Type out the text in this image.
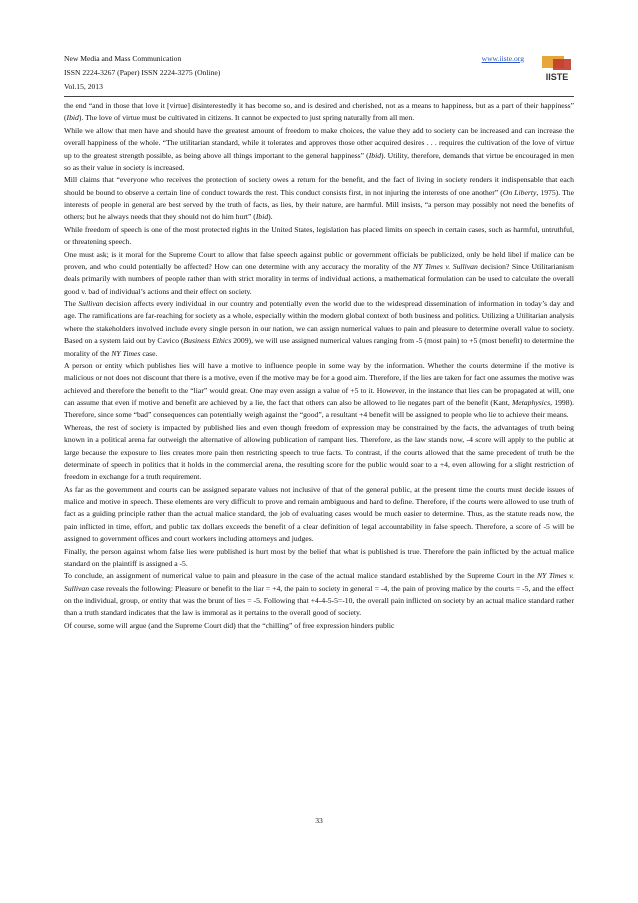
New Media and Mass Communication
ISSN 2224-3267 (Paper) ISSN 2224-3275 (Online)
Vol.15, 2013
www.iiste.org
IISTE

the end “and in those that love it [virtue] disinterestedly it has become so, and is desired and cherished, not as a means to happiness, but as a part of their happiness” (Ibid). The love of virtue must be cultivated in citizens. It cannot be expected to just spring naturally from all men.

While we allow that men have and should have the greatest amount of freedom to make choices, the value they add to society can be increased and can increase the overall happiness of the whole. “The utilitarian standard, while it tolerates and approves those other acquired desires . . . requires the cultivation of the love of virtue up to the greatest strength possible, as being above all things important to the general happiness” (Ibid). Utility, therefore, demands that virtue be encouraged in men so as their value in society is increased.

Mill claims that “everyone who receives the protection of society owes a return for the benefit, and the fact of living in society renders it indispensable that each should be bound to observe a certain line of conduct towards the rest. This conduct consists first, in not injuring the interests of one another” (On Liberty, 1975). The interests of people in general are best served by the truth of facts, as lies, by their nature, are harmful. Mill insists, “a person may possibly not need the benefits of others; but he always needs that they should not do him hurt” (Ibid).

While freedom of speech is one of the most protected rights in the United States, legislation has placed limits on speech in certain cases, such as harmful, untruthful, or threatening speech.

One must ask; is it moral for the Supreme Court to allow that false speech against public or government officials be publicized, only be held libel if malice can be proven, and who could potentially be affected? How can one determine with any accuracy the morality of the NY Times v. Sullivan decision? Since Utilitarianism deals primarily with numbers of people rather than with strict morality in terms of individual actions, a mathematical formulation can be used to calculate the overall good v. bad of individual’s actions and their effect on society.

The Sullivan decision affects every individual in our country and potentially even the world due to the widespread dissemination of information in today’s day and age. The ramifications are far-reaching for society as a whole, especially within the modern global context of both business and politics. Utilizing a Utilitarian analysis where the stakeholders involved include every single person in our nation, we can assign numerical values to pain and pleasure to determine overall value to society. Based on a system laid out by Cavico (Business Ethics 2009), we will use assigned numerical values ranging from -5 (most pain) to +5 (most benefit) to determine the morality of the NY Times case.

A person or entity which publishes lies will have a motive to influence people in some way by the information. Whether the courts determine if the motive is malicious or not does not discount that there is a motive, even if the motive may be for a good aim. Therefore, if the lies are taken for fact one assumes the motive was achieved and therefore the benefit to the “liar” would great. One may even assign a value of +5 to it. However, in the instance that lies can be propagated at will, one can assume that even if motive and benefit are achieved by a lie, the fact that others can also be allowed to lie negates part of the benefit (Kant, Metaphysics, 1998). Therefore, since some “bad” consequences can potentially weigh against the “good”, a resultant +4 benefit will be assigned to people who lie to achieve their means.

Whereas, the rest of society is impacted by published lies and even though freedom of expression may be constrained by the facts, the advantages of truth being known in a political arena far outweigh the alternative of allowing publication of rampant lies. Therefore, as the law stands now, -4 score will apply to the public at large because the exposure to lies creates more pain then restricting speech to true facts. To contrast, if the courts allowed that the same precedent of truth be the determinate of speech in politics that it holds in the commercial arena, the resulting score for the public would soar to a +4, even allowing for a slight restriction of freedom in exchange for a truth requirement.

As far as the government and courts can be assigned separate values not inclusive of that of the general public, at the present time the courts must decide issues of malice and motive in speech. These elements are very difficult to prove and remain ambiguous and hard to define. Therefore, if the courts were allowed to use truth of fact as a guiding principle rather than the actual malice standard, the job of evaluating cases would be much easier to determine. Thus, as the statute reads now, the pain inflicted in time, effort, and public tax dollars exceeds the benefit of a clear definition of legal accountability in false speech. Therefore, a score of -5 will be assigned to government offices and court workers including attorneys and judges.

Finally, the person against whom false lies were published is hurt most by the belief that what is published is true. Therefore the pain inflicted by the actual malice standard on the plaintiff is assigned a -5.

To conclude, an assignment of numerical value to pain and pleasure in the case of the actual malice standard established by the Supreme Court in the NY Times v. Sullivan case reveals the following: Pleasure or benefit to the liar = +4, the pain to society in general = -4, the pain of proving malice by the courts = -5, and the effect on the individual, group, or entity that was the brunt of lies = -5. Following that +4-4-5-5=-10, the overall pain inflicted on society by an actual malice standard rather than a truth standard indicates that the law is immoral as it pertains to the overall good of society.

Of course, some will argue (and the Supreme Court did) that the “chilling” of free expression hinders public

33
